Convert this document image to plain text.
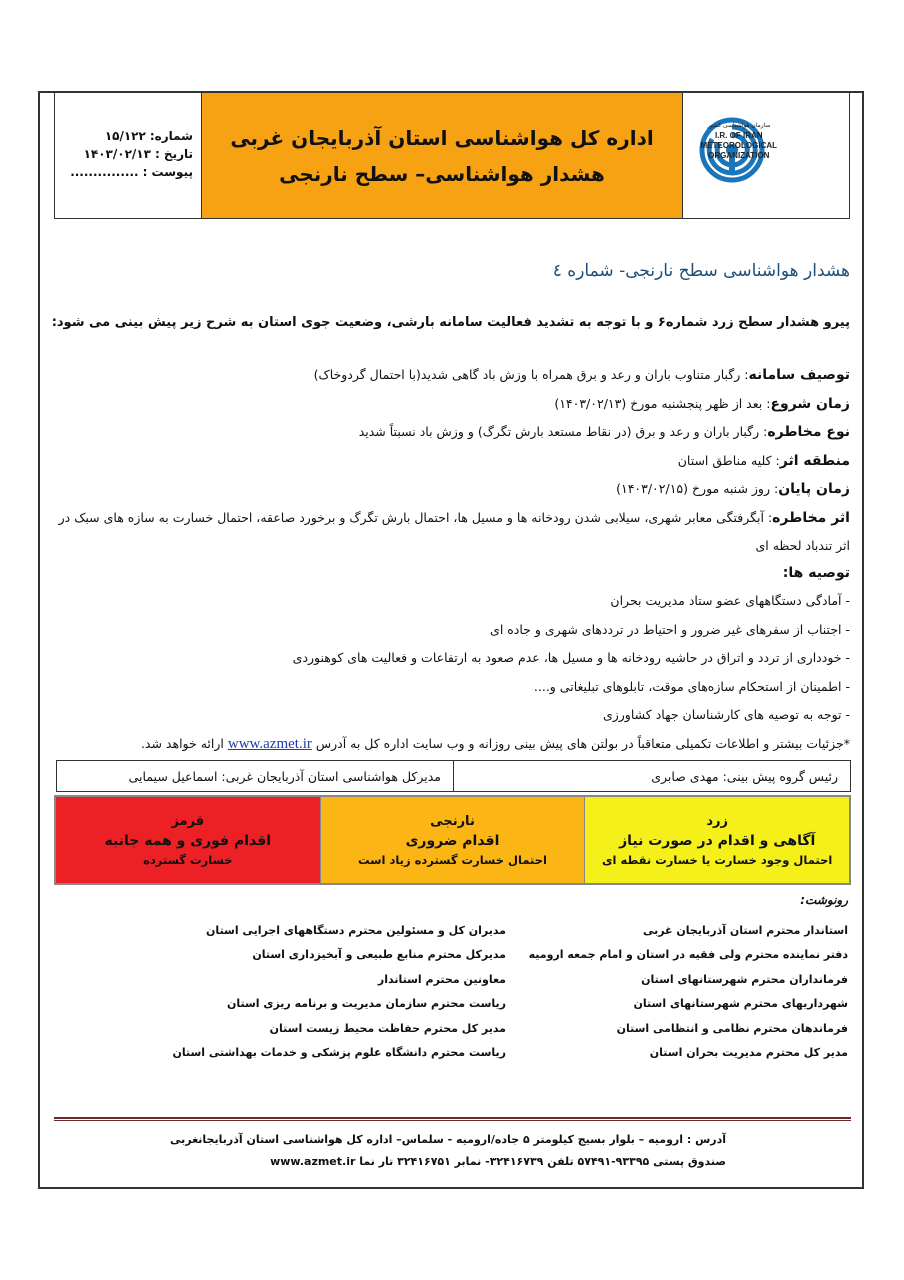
سازمان هواشناسی کشور
I.R. OF IRAN
METEOROLOGICAL
ORGANIZATION
اداره کل هواشناسی استان آذربایجان غربی
هشدار هواشناسی– سطح نارنجی
شماره:
۱۵/۱۲۲
تاریخ :
۱۴۰۳/۰۲/۱۳
پیوست :
...............
هشدار هواشناسی سطح نارنجی- شماره ٤
پیرو هشدار سطح زرد شماره۶ و با توجه به تشدید فعالیت سامانه بارشی، وضعیت جوی استان به شرح زیر پیش بینی می شود:
توصیف سامانه: رگبار متناوب باران و رعد و برق همراه با وزش باد گاهی شدید(با احتمال گردوخاک)
زمان شروع: بعد از ظهر پنجشنبه مورخ (۱۴۰۳/۰۲/۱۳)
نوع مخاطره: رگبار باران و رعد و برق (در نقاط مستعد بارش تگرگ) و وزش باد نسبتاً شدید
منطقه اثر: کلیه مناطق استان
زمان پایان: روز شنبه مورخ (۱۴۰۳/۰۲/۱۵)
اثر مخاطره: آبگرفتگی معابر شهری، سیلابی شدن رودخانه ها و مسیل ها، احتمال بارش تگرگ و برخورد صاعقه، احتمال خسارت به سازه های سبک در اثر تندباد لحظه ای
توصیه ها:
- آمادگی دستگاههای عضو ستاد مدیریت بحران
- اجتناب از سفرهای غیر ضرور و احتیاط در ترددهای شهری و جاده ای
- خودداری از تردد و اتراق در حاشیه رودخانه ها و مسیل ها، عدم صعود به ارتفاعات و فعالیت های کوهنوردی
- اطمینان از استحکام سازه‌های موقت، تابلوهای تبلیغاتی و....
- توجه به توصیه های کارشناسان جهاد کشاورزی
*جزئیات بیشتر و اطلاعات تکمیلی متعاقباً در بولتن های پیش بینی روزانه و وب سایت اداره کل به آدرس www.azmet.ir ارائه خواهد شد.
رئیس گروه پیش بینی: مهدی صابری
مدیرکل هواشناسی استان آذربایجان غربی: اسماعیل سیمایی
زرد
آگاهی و اقدام در صورت نیاز
احتمال وجود خسارت یا خسارت نقطه ای
نارنجی
اقدام ضروری
احتمال خسارت گسترده زیاد است
قرمز
اقدام فوری و همه جانبه
خسارت گسترده
رونوشت:
استاندار محترم استان آذربایجان غربی
دفتر نماینده محترم ولی فقیه در استان و امام جمعه ارومیه
فرمانداران محترم شهرستانهای استان
شهرداریهای محترم شهرستانهای استان
فرماندهان محترم نظامی و انتظامی استان
مدیر کل محترم مدیریت بحران استان
مدیران کل و مسئولین محترم دستگاههای اجرایی استان
مدیرکل محترم منابع طبیعی و آبخیزداری استان
معاونین محترم استاندار
ریاست محترم سازمان مدیریت و برنامه ریزی استان
مدیر کل محترم حفاظت محیط زیست استان
ریاست محترم دانشگاه علوم پزشکی و خدمات بهداشتی استان
آدرس : ارومیه – بلوار بسیج کیلومتر ۵ جاده/ارومیه - سلماس– اداره کل هواشناسی استان آذربایجانغربی
صندوق پستی ۹۳۳۹۵-۵۷۴۹۱ تلفن ۳۲۴۱۶۷۳۹- نمابر ۳۲۴۱۶۷۵۱ تار نما www.azmet.ir
